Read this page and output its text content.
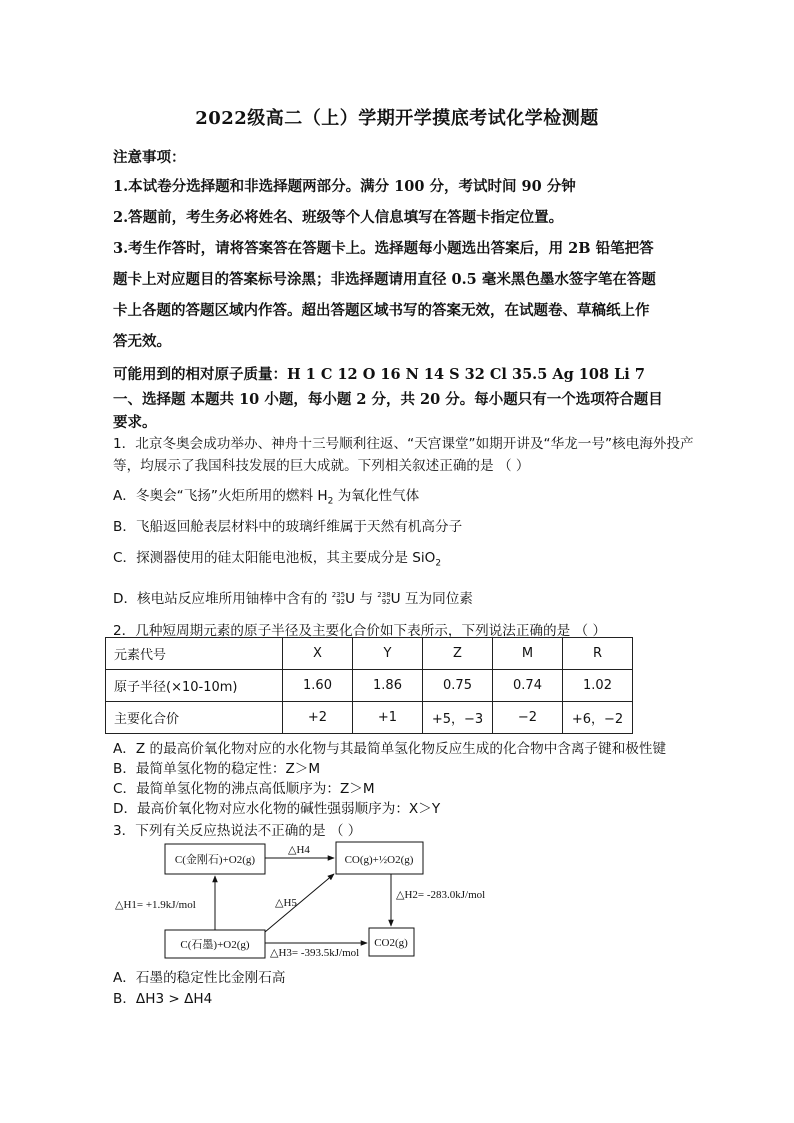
2022级高二（上）学期开学摸底考试化学检测题
注意事项：
1.本试卷分选择题和非选择题两部分。满分 100 分，考试时间 90 分钟
2.答题前，考生务必将姓名、班级等个人信息填写在答题卡指定位置。
3.考生作答时，请将答案答在答题卡上。选择题每小题选出答案后，用 2B 铅笔把答
题卡上对应题目的答案标号涂黑；非选择题请用直径 0.5 毫米黑色墨水签字笔在答题
卡上各题的答题区域内作答。超出答题区域书写的答案无效，在试题卷、草稿纸上作
答无效。
可能用到的相对原子质量：H 1 C 12 O 16 N 14 S 32 Cl 35.5 Ag 108 Li 7
一、选择题 本题共 10 小题，每小题 2 分，共 20 分。每小题只有一个选项符合题目
要求。
1．北京冬奥会成功举办、神舟十三号顺利往返、“天宫课堂”如期开讲及“华龙一号”核电海外投产
等，均展示了我国科技发展的巨大成就。下列相关叙述正确的是 （ ）
A．冬奥会“飞扬”火炬所用的燃料 $H_2$ 为氧化性气体
B．飞船返回舱表层材料中的玻璃纤维属于天然有机高分子
C．探测器使用的硅太阳能电池板，其主要成分是 SiO$_2$
D．核电站反应堆所用铀棒中含有的 235
92 U 与 238
92 U 互为同位素
2．几种短周期元素的原子半径及主要化合价如下表所示，下列说法正确的是 （ ）
元素代号	X	Y	Z	M	R
原子半径(×10-10m)	1.60	1.86	0.75	0.74	1.02
主要化合价	+2	+1	+5，−3	−2	+6，−2
A．Z 的最高价氧化物对应的水化物与其最简单氢化物反应生成的化合物中含离子键和极性键
B．最简单氢化物的稳定性：Z＞M
C．最简单氢化物的沸点高低顺序为：Z＞M
D．最高价氧化物对应水化物的碱性强弱顺序为：X＞Y
3．下列有关反应热说法不正确的是 （ ）
C(金刚石)+O2(g)	CO(g)+½O2(g)
C(石墨)+O2(g)	CO2(g)
△H4
△H5
△H1= +1.9kJ/mol
△H2= -283.0kJ/mol
△H3= -393.5kJ/mol
A．石墨的稳定性比金刚石高
B．ΔH3 > ΔH4
